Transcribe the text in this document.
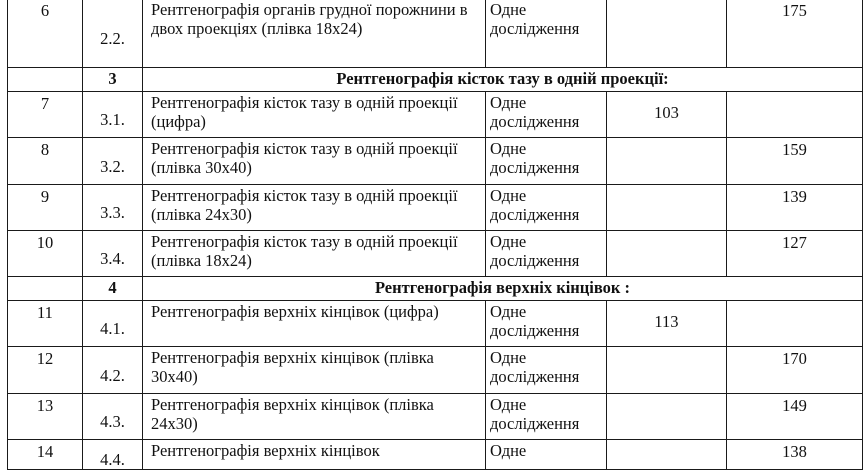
6	2.2.	Рентгенографія органів грудної порожнини в двох проекціях (плівка 18х24)	Одне дослідження		175
	3	Рентгенографія кісток тазу в одній проекції:			
7	3.1.	Рентгенографія кісток тазу в одній проекції (цифра)	Одне дослідження	103	
8	3.2.	Рентгенографія кісток тазу в одній проекції (плівка 30х40)	Одне дослідження		159
9	3.3.	Рентгенографія кісток тазу в одній проекції (плівка 24х30)	Одне дослідження		139
10	3.4.	Рентгенографія кісток тазу в одній проекції (плівка 18х24)	Одне дослідження		127
	4	Рентгенографія верхніх кінцівок :			
11	4.1.	Рентгенографія верхніх кінцівок (цифра)	Одне дослідження	113	
12	4.2.	Рентгенографія верхніх кінцівок (плівка 30х40)	Одне дослідження		170
13	4.3.	Рентгенографія верхніх кінцівок (плівка 24х30)	Одне дослідження		149
14	4.4.	Рентгенографія верхніх кінцівок	Одне		138
